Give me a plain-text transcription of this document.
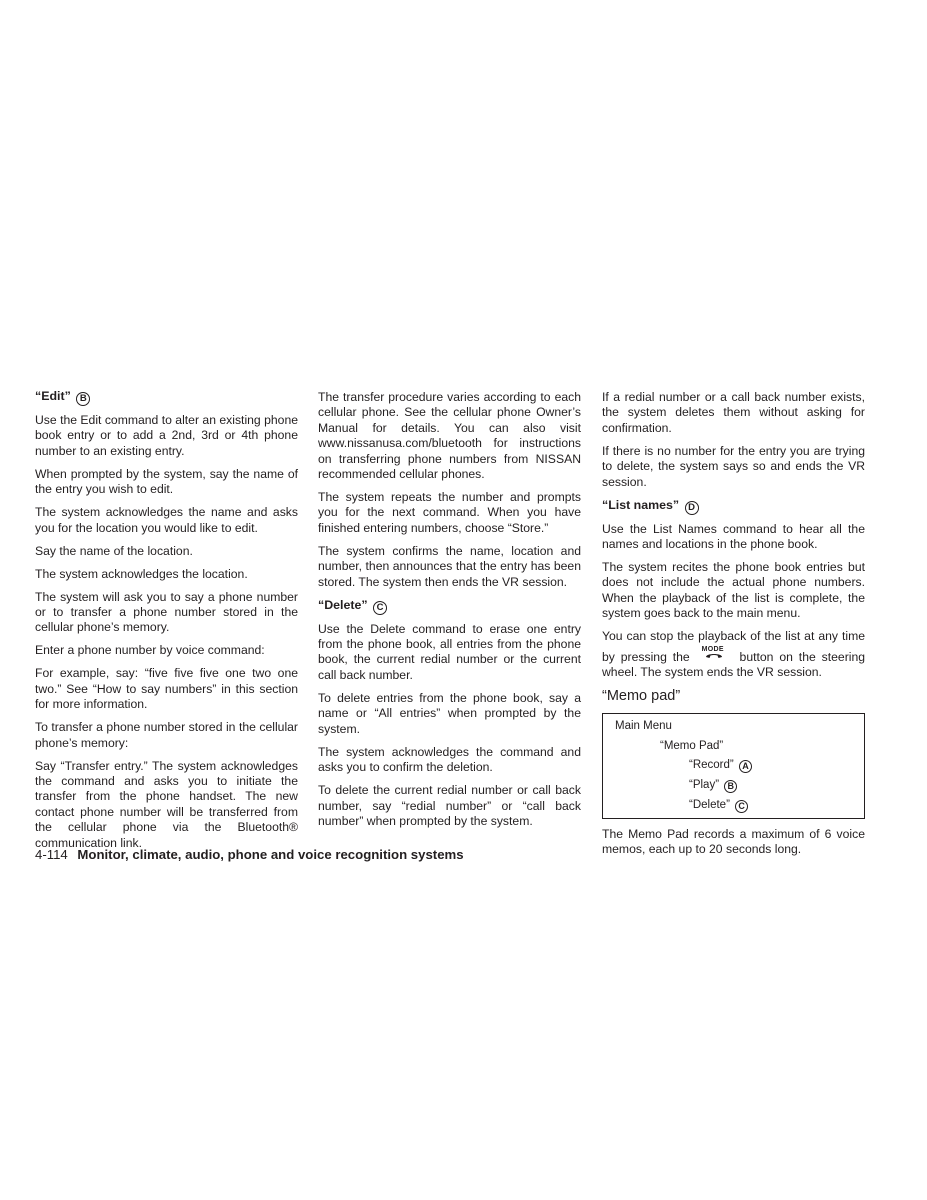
“Edit” B

Use the Edit command to alter an existing phone book entry or to add a 2nd, 3rd or 4th phone number to an existing entry.

When prompted by the system, say the name of the entry you wish to edit.

The system acknowledges the name and asks you for the location you would like to edit.

Say the name of the location.

The system acknowledges the location.

The system will ask you to say a phone number or to transfer a phone number stored in the cellular phone’s memory.

Enter a phone number by voice command:

For example, say: “five five five one two one two.” See “How to say numbers” in this section for more information.

To transfer a phone number stored in the cellular phone’s memory:

Say “Transfer entry.” The system acknowledges the command and asks you to initiate the transfer from the phone handset. The new contact phone number will be transferred from the cellular phone via the Bluetooth® communication link.

The transfer procedure varies according to each cellular phone. See the cellular phone Owner’s Manual for details. You can also visit www.nissanusa.com/bluetooth for instructions on transferring phone numbers from NISSAN recommended cellular phones.

The system repeats the number and prompts you for the next command. When you have finished entering numbers, choose “Store.”

The system confirms the name, location and number, then announces that the entry has been stored. The system then ends the VR session.

“Delete” C

Use the Delete command to erase one entry from the phone book, all entries from the phone book, the current redial number or the current call back number.

To delete entries from the phone book, say a name or “All entries” when prompted by the system.

The system acknowledges the command and asks you to confirm the deletion.

To delete the current redial number or call back number, say “redial number” or “call back number” when prompted by the system.

If a redial number or a call back number exists, the system deletes them without asking for confirmation.

If there is no number for the entry you are trying to delete, the system says so and ends the VR session.

“List names” D

Use the List Names command to hear all the names and locations in the phone book.

The system recites the phone book entries but does not include the actual phone numbers. When the playback of the list is complete, the system goes back to the main menu.

You can stop the playback of the list at any time by pressing the
MODE
button on the steering wheel. The system ends the VR session.

“Memo pad”
Main Menu
“Memo Pad”
“Record” A
“Play” B
“Delete” C

The Memo Pad records a maximum of 6 voice memos, each up to 20 seconds long.

4-114 Monitor, climate, audio, phone and voice recognition systems
